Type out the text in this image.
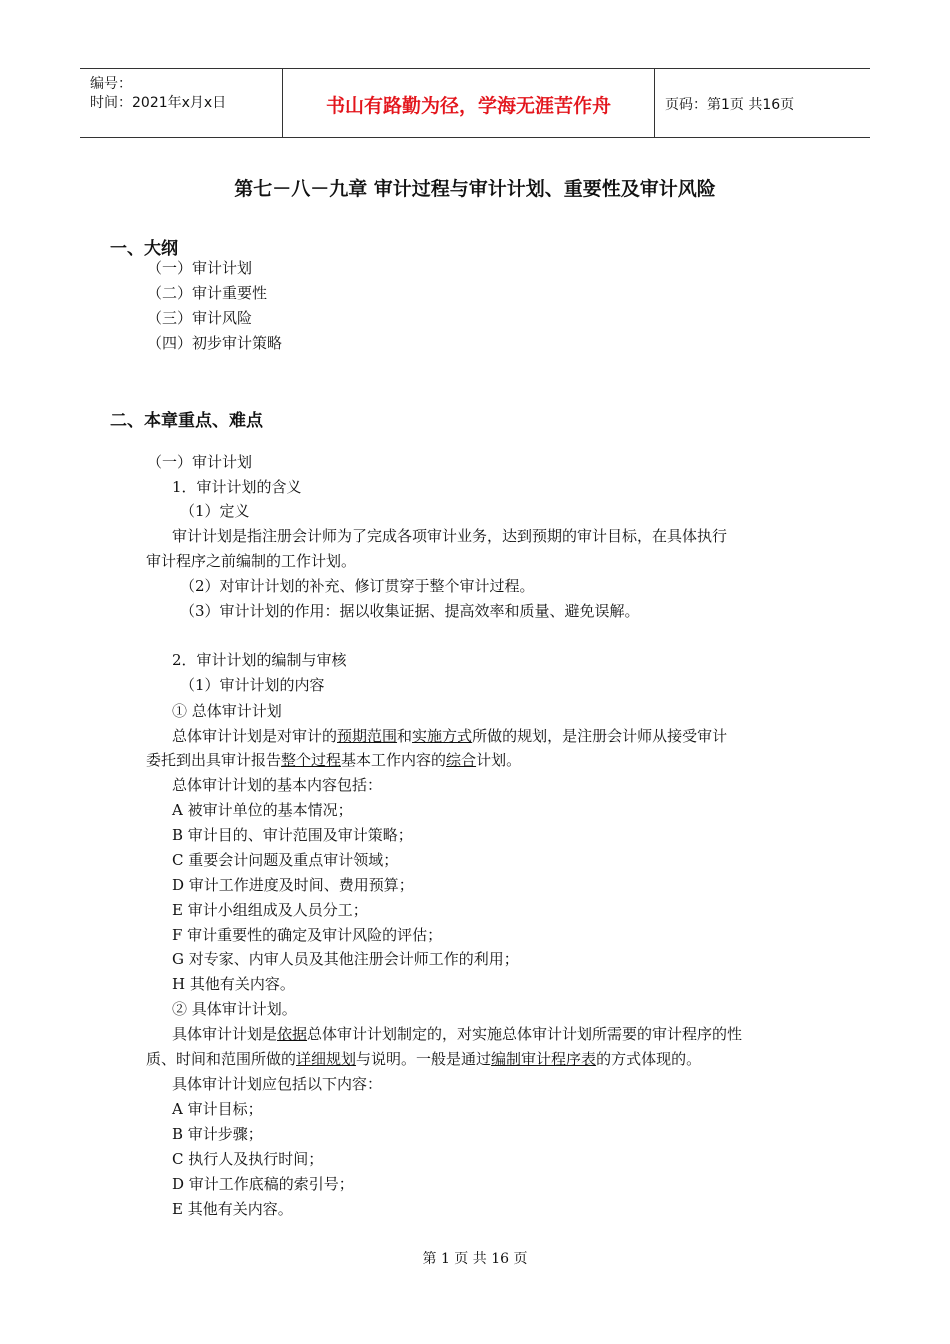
编号：
时间：2021年x月x日	书山有路勤为径，学海无涯苦作舟	页码：第1页 共16页
第七－八－九章 审计过程与审计计划、重要性及审计风险
一、大纲
（一）审计计划
（二）审计重要性
（三）审计风险
（四）初步审计策略
二、本章重点、难点
（一）审计计划
1．审计计划的含义
（1）定义
审计计划是指注册会计师为了完成各项审计业务，达到预期的审计目标，在具体执行
审计程序之前编制的工作计划。
（2）对审计计划的补充、修订贯穿于整个审计过程。
（3）审计计划的作用：据以收集证据、提高效率和质量、避免误解。
2．审计计划的编制与审核
（1）审计计划的内容
① 总体审计计划
总体审计计划是对审计的预期范围和实施方式所做的规划，是注册会计师从接受审计
委托到出具审计报告整个过程基本工作内容的综合计划。
总体审计计划的基本内容包括：
A 被审计单位的基本情况；
B 审计目的、审计范围及审计策略；
C 重要会计问题及重点审计领域；
D 审计工作进度及时间、费用预算；
E 审计小组组成及人员分工；
F 审计重要性的确定及审计风险的评估；
G 对专家、内审人员及其他注册会计师工作的利用；
H 其他有关内容。
② 具体审计计划。
具体审计计划是依据总体审计计划制定的，对实施总体审计计划所需要的审计程序的性
质、时间和范围所做的详细规划与说明。一般是通过编制审计程序表的方式体现的。
具体审计计划应包括以下内容：
A 审计目标；
B 审计步骤；
C 执行人及执行时间；
D 审计工作底稿的索引号；
E 其他有关内容。
第 1 页 共 16 页
